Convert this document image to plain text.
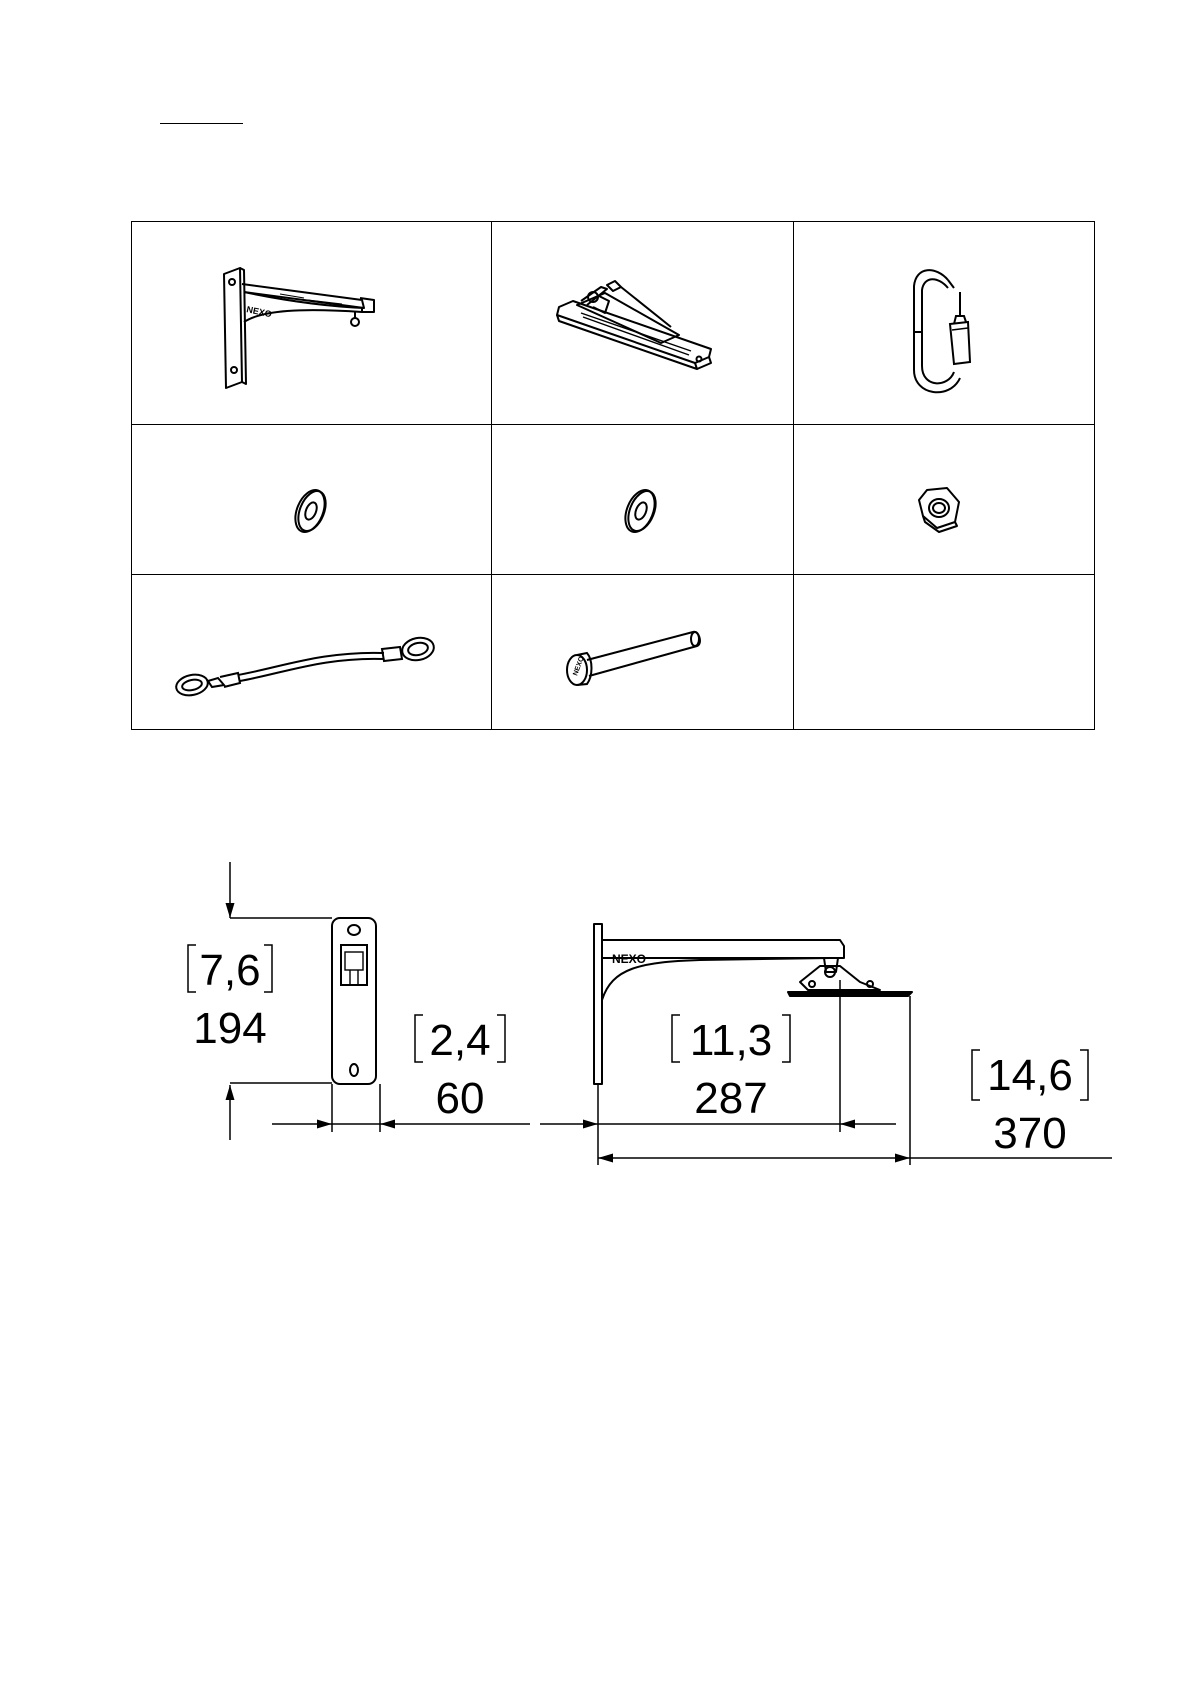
NEXO
NEXO
7,6
194	2,4
60
NEXO
11,3
287	14,6
370
